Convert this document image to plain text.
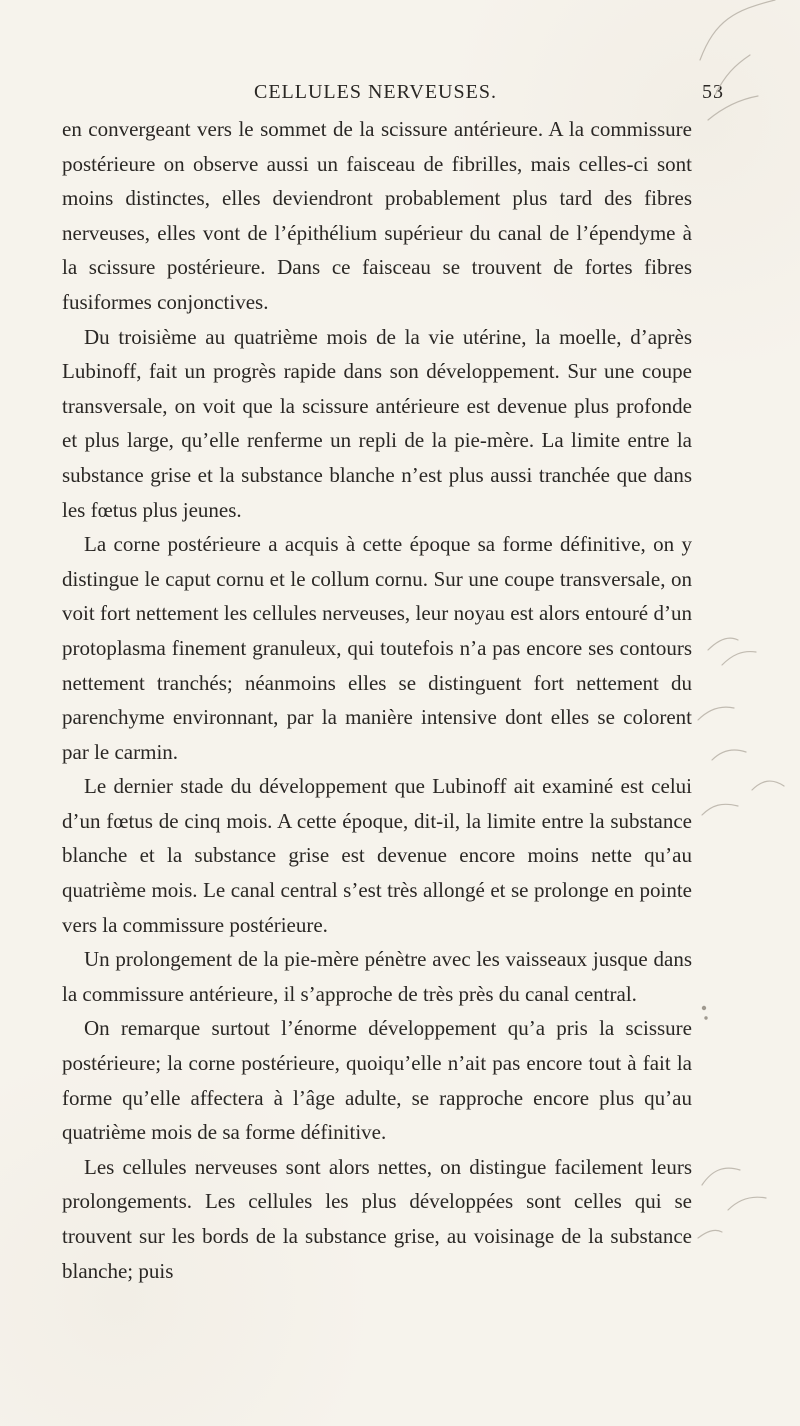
CELLULES NERVEUSES.	53

en convergeant vers le sommet de la scissure antérieure. A la commissure postérieure on observe aussi un faisceau de fibrilles, mais celles-ci sont moins distinctes, elles deviendront probablement plus tard des fibres nerveuses, elles vont de l’épithélium supérieur du canal de l’épendyme à la scissure postérieure. Dans ce faisceau se trouvent de fortes fibres fusiformes conjonctives.

Du troisième au quatrième mois de la vie utérine, la moelle, d’après Lubinoff, fait un progrès rapide dans son développement. Sur une coupe transversale, on voit que la scissure antérieure est devenue plus profonde et plus large, qu’elle renferme un repli de la pie-mère. La limite entre la substance grise et la substance blanche n’est plus aussi tranchée que dans les fœtus plus jeunes.

La corne postérieure a acquis à cette époque sa forme définitive, on y distingue le caput cornu et le collum cornu. Sur une coupe transversale, on voit fort nettement les cellules nerveuses, leur noyau est alors entouré d’un protoplasma finement granuleux, qui toutefois n’a pas encore ses contours nettement tranchés; néanmoins elles se distinguent fort nettement du parenchyme environnant, par la manière intensive dont elles se colorent par le carmin.

Le dernier stade du développement que Lubinoff ait examiné est celui d’un fœtus de cinq mois. A cette époque, dit-il, la limite entre la substance blanche et la substance grise est devenue encore moins nette qu’au quatrième mois. Le canal central s’est très allongé et se prolonge en pointe vers la commissure postérieure.

Un prolongement de la pie-mère pénètre avec les vaisseaux jusque dans la commissure antérieure, il s’approche de très près du canal central.

On remarque surtout l’énorme développement qu’a pris la scissure postérieure; la corne postérieure, quoiqu’elle n’ait pas encore tout à fait la forme qu’elle affectera à l’âge adulte, se rapproche encore plus qu’au quatrième mois de sa forme définitive.

Les cellules nerveuses sont alors nettes, on distingue facilement leurs prolongements. Les cellules les plus développées sont celles qui se trouvent sur les bords de la substance grise, au voisinage de la substance blanche; puis
